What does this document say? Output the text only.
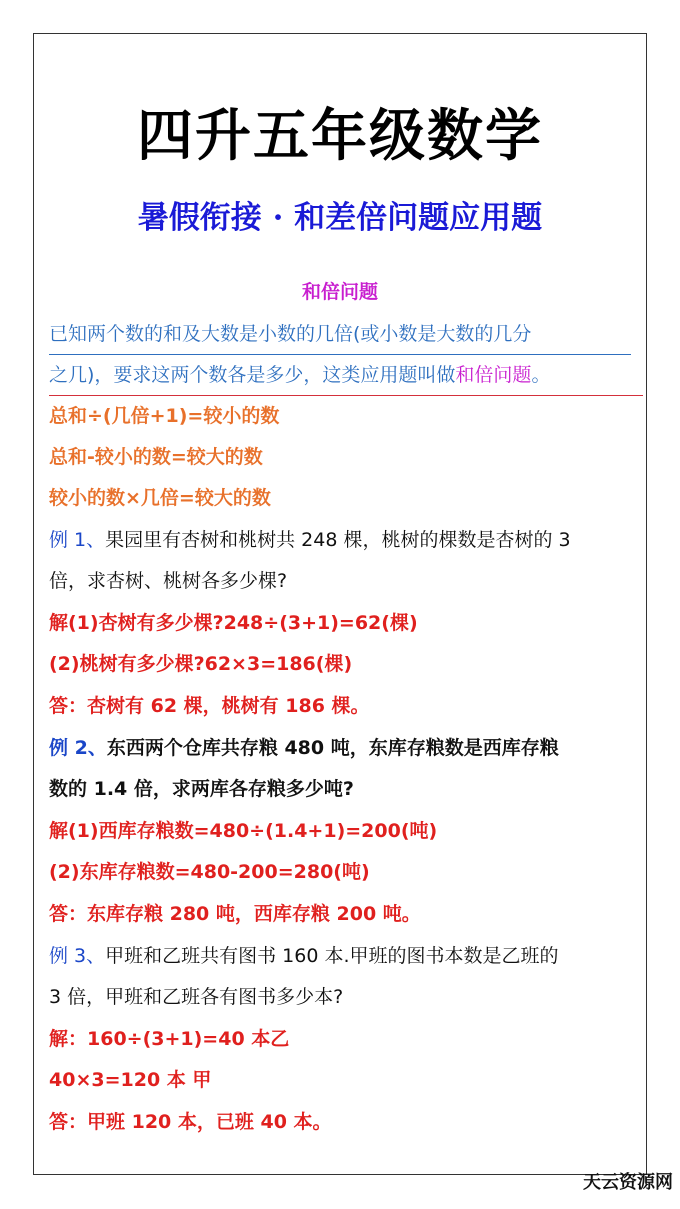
四升五年级数学
暑假衔接 · 和差倍问题应用题
和倍问题
已知两个数的和及大数是小数的几倍(或小数是大数的几分
之几)，要求这两个数各是多少，这类应用题叫做和倍问题。
总和÷(几倍+1)=较小的数
总和-较小的数=较大的数
较小的数×几倍=较大的数
例 1、果园里有杏树和桃树共 248 棵，桃树的棵数是杏树的 3
倍，求杏树、桃树各多少棵?
解(1)杏树有多少棵?248÷(3+1)=62(棵)
(2)桃树有多少棵?62×3=186(棵)
答：杏树有 62 棵，桃树有 186 棵。
例 2、东西两个仓库共存粮 480 吨，东库存粮数是西库存粮
数的 1.4 倍，求两库各存粮多少吨?
解(1)西库存粮数=480÷(1.4+1)=200(吨)
(2)东库存粮数=480-200=280(吨)
答：东库存粮 280 吨，西库存粮 200 吨。
例 3、甲班和乙班共有图书 160 本.甲班的图书本数是乙班的
3 倍，甲班和乙班各有图书多少本?
解：160÷(3+1)=40 本乙
40×3=120 本 甲
答：甲班 120 本，已班 40 本。
天云资源网
